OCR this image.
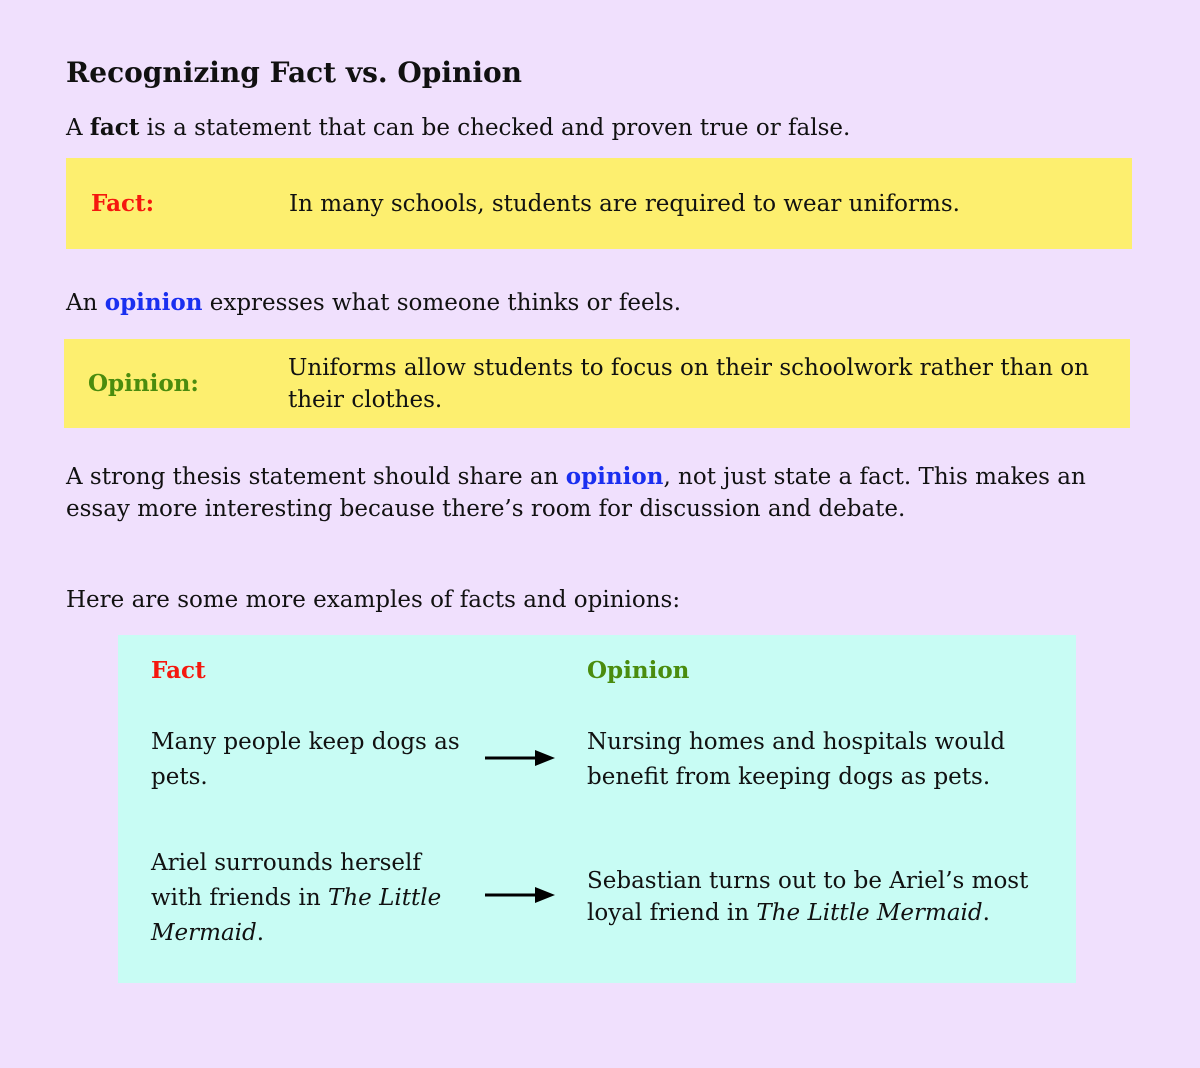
Recognizing Fact vs. Opinion
A fact is a statement that can be checked and proven true or false.
Fact:	In many schools, students are required to wear uniforms.
An opinion expresses what someone thinks or feels.
Opinion:
Uniforms allow students to focus on their schoolwork rather than on their clothes.
A strong thesis statement should share an opinion, not just state a fact. This makes an essay more interesting because there’s room for discussion and debate.
Here are some more examples of facts and opinions:
Fact	Opinion
Many people keep dogs as pets.
Nursing homes and hospitals would benefit from keeping dogs as pets.
Ariel surrounds herself with friends in The Little Mermaid.
Sebastian turns out to be Ariel’s most loyal friend in The Little Mermaid.
